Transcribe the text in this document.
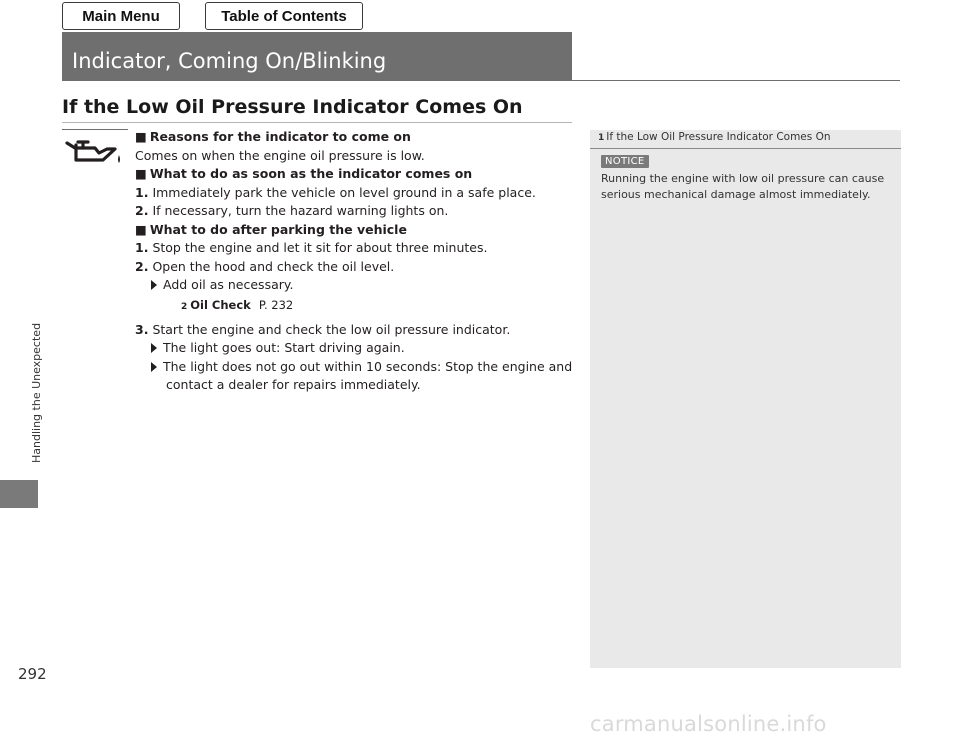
Main Menu	Table of Contents
Indicator, Coming On/Blinking
If the Low Oil Pressure Indicator Comes On
Handling the Unexpected
292
■ Reasons for the indicator to come on
Comes on when the engine oil pressure is low.
■ What to do as soon as the indicator comes on
1. Immediately park the vehicle on level ground in a safe place.
2. If necessary, turn the hazard warning lights on.
■ What to do after parking the vehicle
1. Stop the engine and let it sit for about three minutes.
2. Open the hood and check the oil level.
Add oil as necessary.
2 Oil Check P. 232
3. Start the engine and check the low oil pressure indicator.
The light goes out: Start driving again.
The light does not go out within 10 seconds: Stop the engine and
contact a dealer for repairs immediately.
1 If the Low Oil Pressure Indicator Comes On
NOTICE
Running the engine with low oil pressure can cause
serious mechanical damage almost immediately.
carmanualsonline.info
